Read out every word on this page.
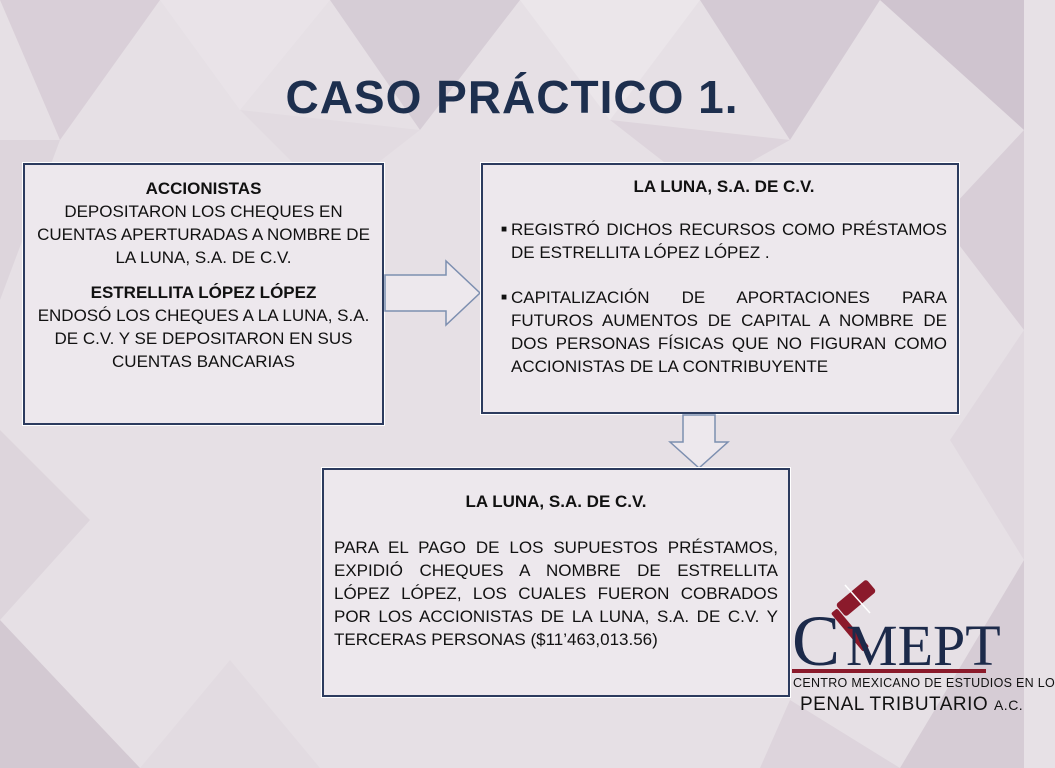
CASO PRÁCTICO 1.
ACCIONISTAS
DEPOSITARON LOS CHEQUES EN CUENTAS APERTURADAS A NOMBRE DE LA LUNA, S.A. DE C.V.
ESTRELLITA LÓPEZ LÓPEZ
ENDOSÓ LOS CHEQUES A LA LUNA, S.A. DE C.V. Y SE DEPOSITARON EN SUS CUENTAS BANCARIAS
LA LUNA, S.A. DE C.V.
■ REGISTRÓ DICHOS RECURSOS COMO PRÉSTAMOS DE ESTRELLITA LÓPEZ LÓPEZ .
■ CAPITALIZACIÓN DE APORTACIONES PARA FUTUROS AUMENTOS DE CAPITAL A NOMBRE DE DOS PERSONAS FÍSICAS QUE NO FIGURAN COMO ACCIONISTAS DE LA CONTRIBUYENTE
LA LUNA, S.A. DE C.V.
PARA EL PAGO DE LOS SUPUESTOS PRÉSTAMOS, EXPIDIÓ CHEQUES A NOMBRE DE ESTRELLITA LÓPEZ LÓPEZ, LOS CUALES FUERON COBRADOS POR LOS ACCIONISTAS DE LA LUNA, S.A. DE C.V. Y TERCERAS PERSONAS ($11’463,013.56)	C MEPT
CENTRO MEXICANO DE ESTUDIOS EN LO
PENAL TRIBUTARIO A.C.
